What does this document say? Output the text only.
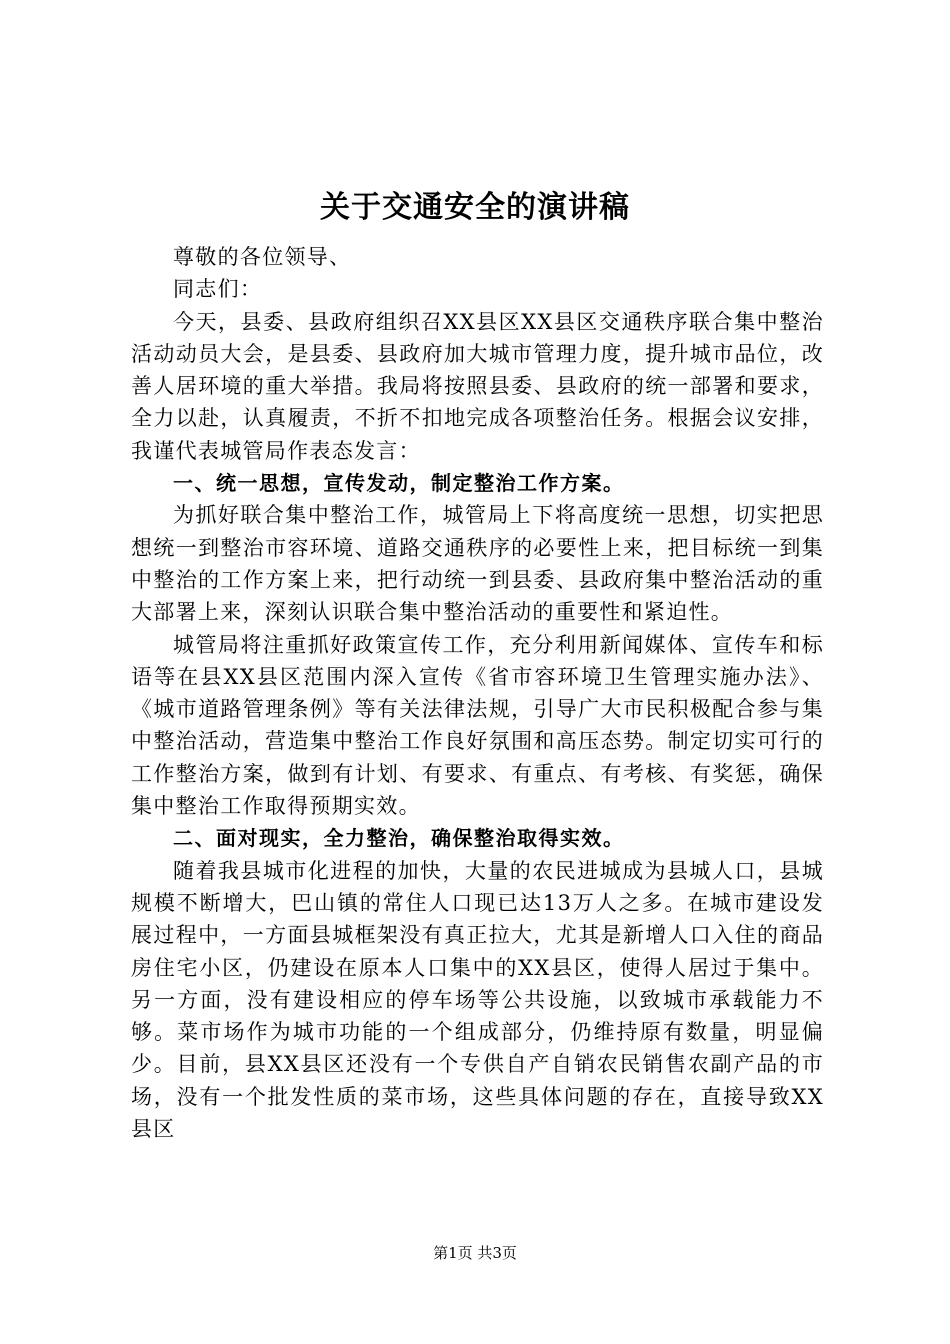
关于交通安全的演讲稿

尊敬的各位领导、

同志们：

今天，县委、县政府组织召XX县区XX县区交通秩序联合集中整治活动动员大会，是县委、县政府加大城市管理力度，提升城市品位，改善人居环境的重大举措。我局将按照县委、县政府的统一部署和要求，全力以赴，认真履责，不折不扣地完成各项整治任务。根据会议安排，我谨代表城管局作表态发言：

一、统一思想，宣传发动，制定整治工作方案。

为抓好联合集中整治工作，城管局上下将高度统一思想，切实把思想统一到整治市容环境、道路交通秩序的必要性上来，把目标统一到集中整治的工作方案上来，把行动统一到县委、县政府集中整治活动的重大部署上来，深刻认识联合集中整治活动的重要性和紧迫性。

城管局将注重抓好政策宣传工作，充分利用新闻媒体、宣传车和标语等在县XX县区范围内深入宣传《省市容环境卫生管理实施办法》、《城市道路管理条例》等有关法律法规，引导广大市民积极配合参与集中整治活动，营造集中整治工作良好氛围和高压态势。制定切实可行的工作整治方案，做到有计划、有要求、有重点、有考核、有奖惩，确保集中整治工作取得预期实效。

二、面对现实，全力整治，确保整治取得实效。

随着我县城市化进程的加快，大量的农民进城成为县城人口，县城规模不断增大，巴山镇的常住人口现已达13万人之多。在城市建设发展过程中，一方面县城框架没有真正拉大，尤其是新增人口入住的商品房住宅小区，仍建设在原本人口集中的XX县区，使得人居过于集中。另一方面，没有建设相应的停车场等公共设施，以致城市承载能力不够。菜市场作为城市功能的一个组成部分，仍维持原有数量，明显偏少。目前，县XX县区还没有一个专供自产自销农民销售农副产品的市场，没有一个批发性质的菜市场，这些具体问题的存在，直接导致XX县区

第1页 共3页
